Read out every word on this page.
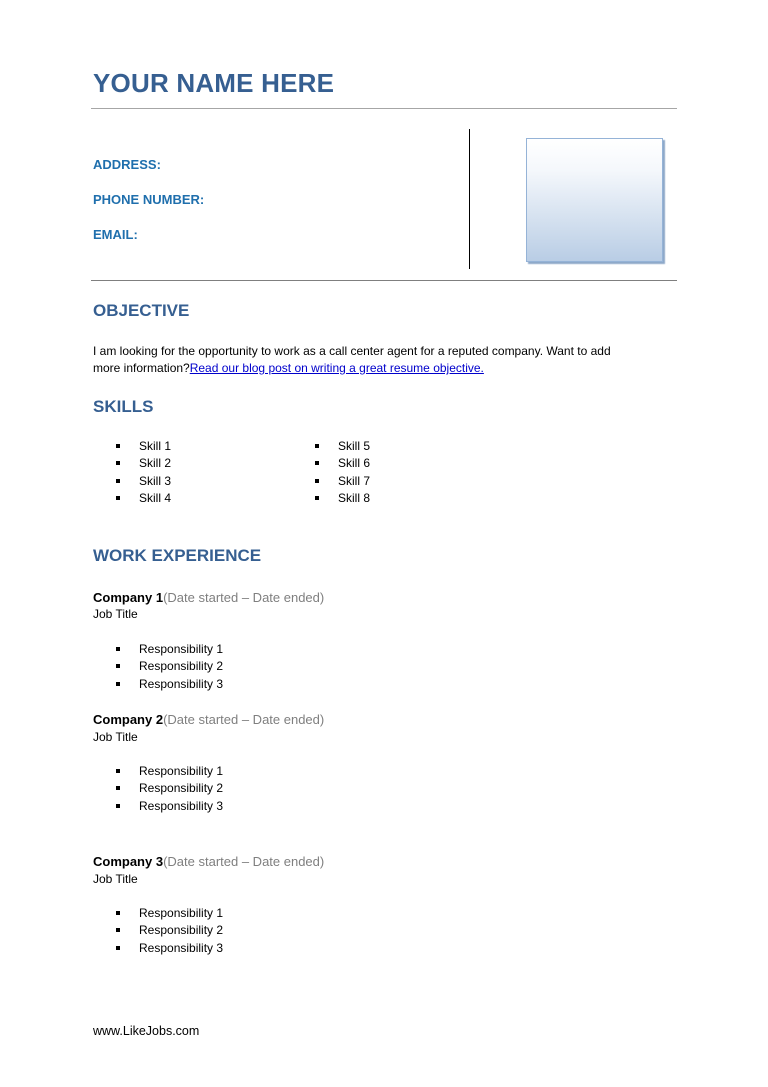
YOUR NAME HERE
ADDRESS:
PHONE NUMBER:
EMAIL:
OBJECTIVE
I am looking for the opportunity to work as a call center agent for a reputed company. Want to add
more information?Read our blog post on writing a great resume objective.
SKILLS
Skill 1
Skill 2
Skill 3
Skill 4
Skill 5
Skill 6
Skill 7
Skill 8
WORK EXPERIENCE
Company 1(Date started – Date ended)
Job Title
Responsibility 1
Responsibility 2
Responsibility 3
Company 2(Date started – Date ended)
Job Title
Responsibility 1
Responsibility 2
Responsibility 3
Company 3(Date started – Date ended)
Job Title
Responsibility 1
Responsibility 2
Responsibility 3
www.LikeJobs.com
